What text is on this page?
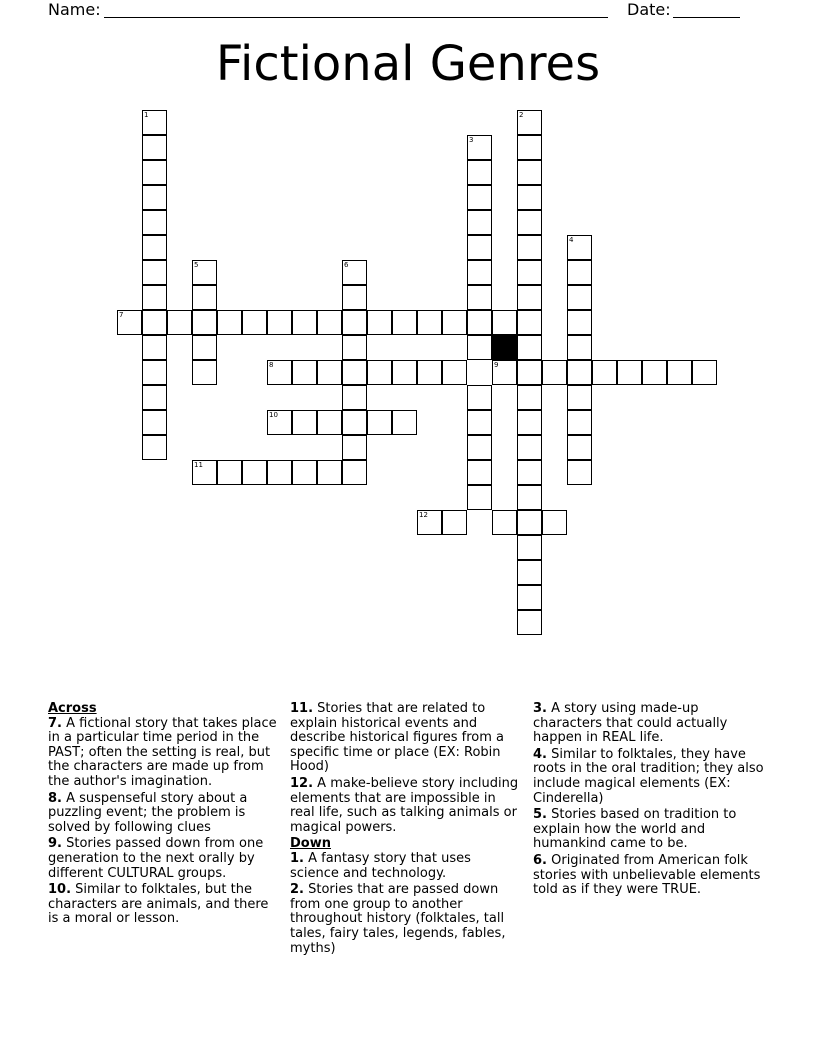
Name:	Date:
Fictional Genres
1
5	6
7
8
10
11
3
9
2
4
12
Across
7. A fictional story that takes place in a particular time period in the PAST; often the setting is real, but the characters are made up from the author's imagination.
8. A suspenseful story about a puzzling event; the problem is solved by following clues
9. Stories passed down from one generation to the next orally by different CULTURAL groups.
10. Similar to folktales, but the characters are animals, and there is a moral or lesson.
11. Stories that are related to explain historical events and describe historical figures from a specific time or place (EX: Robin Hood)
12. A make-believe story including elements that are impossible in real life, such as talking animals or magical powers.
Down
1. A fantasy story that uses science and technology.
2. Stories that are passed down from one group to another throughout history (folktales, tall tales, fairy tales, legends, fables, myths)
3. A story using made-up characters that could actually happen in REAL life.
4. Similar to folktales, they have roots in the oral tradition; they also include magical elements (EX: Cinderella)
5. Stories based on tradition to explain how the world and humankind came to be.
6. Originated from American folk stories with unbelievable elements told as if they were TRUE.
